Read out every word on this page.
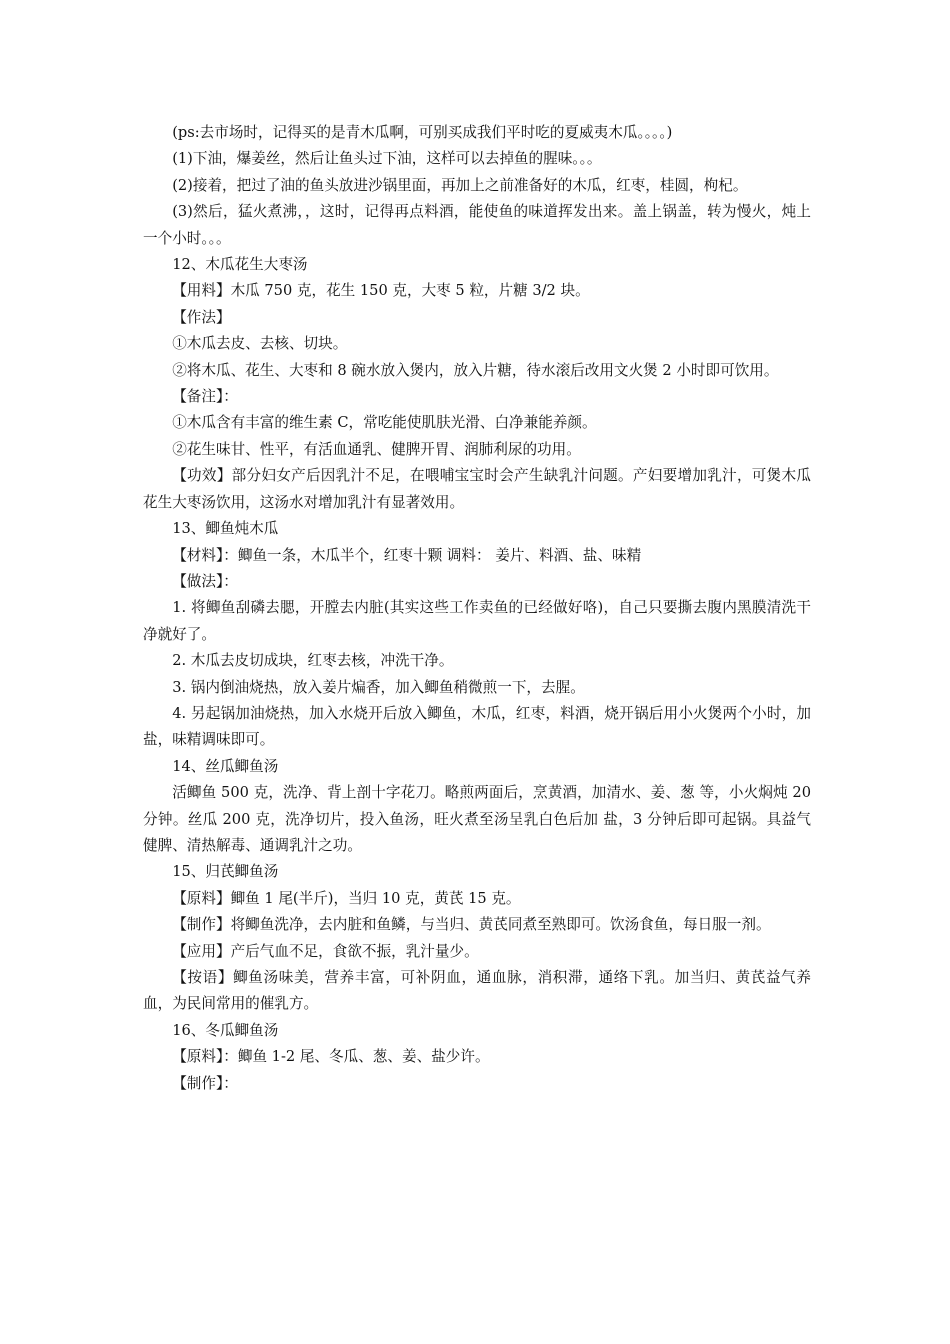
(ps:去市场时，记得买的是青木瓜啊，可别买成我们平时吃的夏威夷木瓜。。。。)

(1)下油，爆姜丝，然后让鱼头过下油，这样可以去掉鱼的腥味。。。

(2)接着，把过了油的鱼头放进沙锅里面，再加上之前准备好的木瓜，红枣，桂圆，枸杞。

(3)然后，猛火煮沸，，这时，记得再点料酒，能使鱼的味道挥发出来。盖上锅盖，转为慢火，炖上一个小时。。。

12、木瓜花生大枣汤

【用料】木瓜 750 克，花生 150 克，大枣 5 粒，片糖 3/2 块。

【作法】

①木瓜去皮、去核、切块。

②将木瓜、花生、大枣和 8 碗水放入煲内，放入片糖，待水滚后改用文火煲 2 小时即可饮用。

【备注】：

①木瓜含有丰富的维生素 C，常吃能使肌肤光滑、白净兼能养颜。

②花生味甘、性平，有活血通乳、健脾开胃、润肺利尿的功用。

【功效】部分妇女产后因乳汁不足，在喂哺宝宝时会产生缺乳汁问题。产妇要增加乳汁，可煲木瓜花生大枣汤饮用，这汤水对增加乳汁有显著效用。

13、鲫鱼炖木瓜

【材料】：鲫鱼一条，木瓜半个，红枣十颗 调料： 姜片、料酒、盐、味精

【做法】：

1. 将鲫鱼刮磷去腮，开膛去内脏(其实这些工作卖鱼的已经做好咯)，自己只要撕去腹内黑膜清洗干净就好了。

2. 木瓜去皮切成块，红枣去核，冲洗干净。

3. 锅内倒油烧热，放入姜片煸香，加入鲫鱼稍微煎一下，去腥。

4. 另起锅加油烧热，加入水烧开后放入鲫鱼，木瓜，红枣，料酒，烧开锅后用小火煲两个小时，加盐，味精调味即可。

14、丝瓜鲫鱼汤

活鲫鱼 500 克，洗净、背上剖十字花刀。略煎两面后，烹黄酒，加清水、姜、葱 等，小火焖炖 20 分钟。丝瓜 200 克，洗净切片，投入鱼汤，旺火煮至汤呈乳白色后加 盐，3 分钟后即可起锅。具益气健脾、清热解毒、通调乳汁之功。

15、归芪鲫鱼汤

【原料】鲫鱼 1 尾(半斤)，当归 10 克，黄芪 15 克。

【制作】将鲫鱼洗净，去内脏和鱼鳞，与当归、黄芪同煮至熟即可。饮汤食鱼，每日服一剂。

【应用】产后气血不足，食欲不振，乳汁量少。

【按语】鲫鱼汤味美，营养丰富，可补阴血，通血脉，消积滞，通络下乳。加当归、黄芪益气养血，为民间常用的催乳方。

16、冬瓜鲫鱼汤

【原料】：鲫鱼 1-2 尾、冬瓜、葱、姜、盐少许。

【制作】：
